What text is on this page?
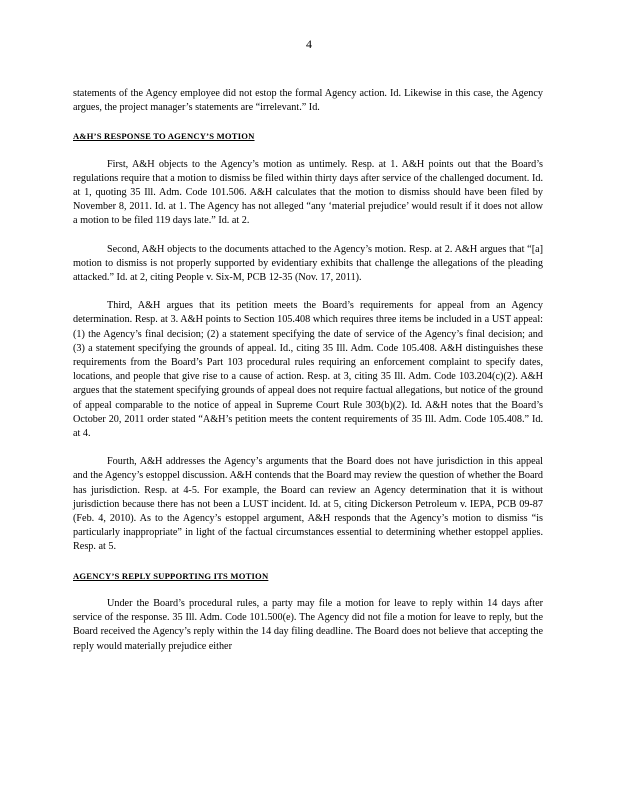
4

statements of the Agency employee did not estop the formal Agency action. Id. Likewise in this case, the Agency argues, the project manager’s statements are “irrelevant.” Id.

A&H’S RESPONSE TO AGENCY’S MOTION

First, A&H objects to the Agency’s motion as untimely. Resp. at 1. A&H points out that the Board’s regulations require that a motion to dismiss be filed within thirty days after service of the challenged document. Id. at 1, quoting 35 Ill. Adm. Code 101.506. A&H calculates that the motion to dismiss should have been filed by November 8, 2011. Id. at 1. The Agency has not alleged “any ‘material prejudice’ would result if it does not allow a motion to be filed 119 days late.” Id. at 2.

Second, A&H objects to the documents attached to the Agency’s motion. Resp. at 2. A&H argues that “[a] motion to dismiss is not properly supported by evidentiary exhibits that challenge the allegations of the pleading attacked.” Id. at 2, citing People v. Six-M, PCB 12-35 (Nov. 17, 2011).

Third, A&H argues that its petition meets the Board’s requirements for appeal from an Agency determination. Resp. at 3. A&H points to Section 105.408 which requires three items be included in a UST appeal: (1) the Agency’s final decision; (2) a statement specifying the date of service of the Agency’s final decision; and (3) a statement specifying the grounds of appeal. Id., citing 35 Ill. Adm. Code 105.408. A&H distinguishes these requirements from the Board’s Part 103 procedural rules requiring an enforcement complaint to specify dates, locations, and people that give rise to a cause of action. Resp. at 3, citing 35 Ill. Adm. Code 103.204(c)(2). A&H argues that the statement specifying grounds of appeal does not require factual allegations, but notice of the ground of appeal comparable to the notice of appeal in Supreme Court Rule 303(b)(2). Id. A&H notes that the Board’s October 20, 2011 order stated “A&H’s petition meets the content requirements of 35 Ill. Adm. Code 105.408.” Id. at 4.

Fourth, A&H addresses the Agency’s arguments that the Board does not have jurisdiction in this appeal and the Agency’s estoppel discussion. A&H contends that the Board may review the question of whether the Board has jurisdiction. Resp. at 4-5. For example, the Board can review an Agency determination that it is without jurisdiction because there has not been a LUST incident. Id. at 5, citing Dickerson Petroleum v. IEPA, PCB 09-87 (Feb. 4, 2010). As to the Agency’s estoppel argument, A&H responds that the Agency’s motion to dismiss “is particularly inappropriate” in light of the factual circumstances essential to determining whether estoppel applies. Resp. at 5.

AGENCY’S REPLY SUPPORTING ITS MOTION

Under the Board’s procedural rules, a party may file a motion for leave to reply within 14 days after service of the response. 35 Ill. Adm. Code 101.500(e). The Agency did not file a motion for leave to reply, but the Board received the Agency’s reply within the 14 day filing deadline. The Board does not believe that accepting the reply would materially prejudice either
